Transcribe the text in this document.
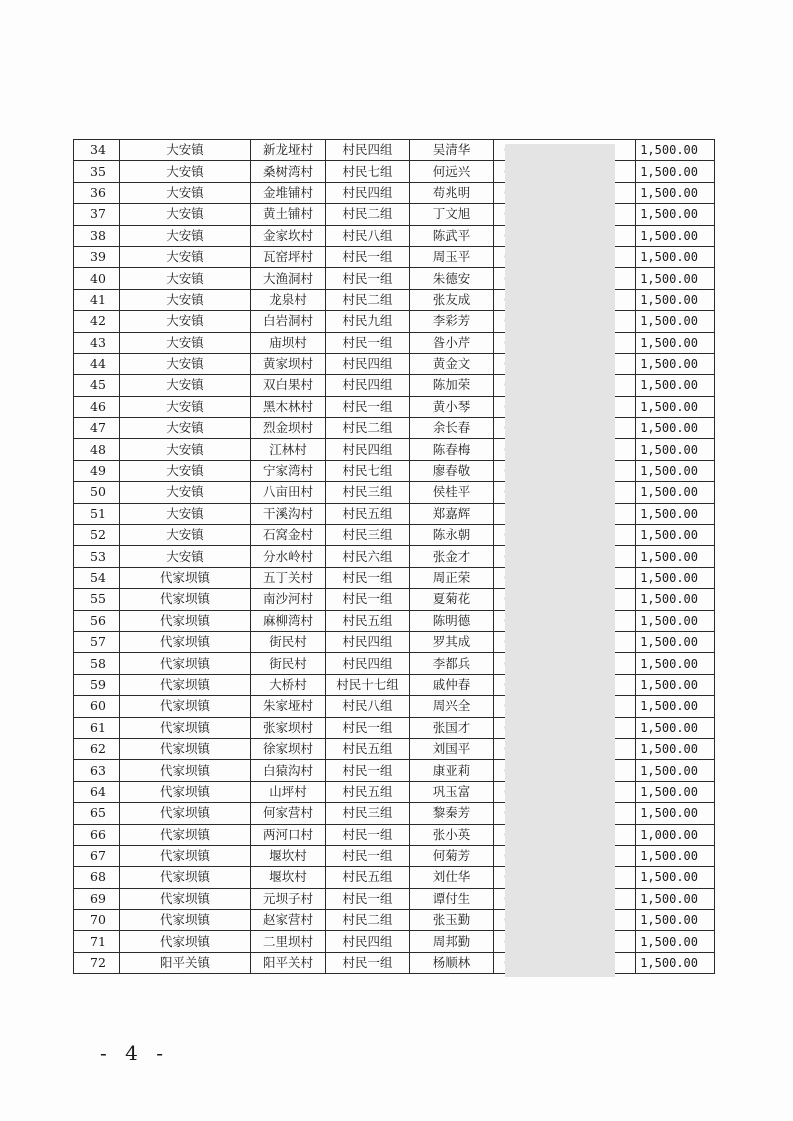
34	大安镇	新龙垭村	村民四组	吴清华		1,500.00
35	大安镇	桑树湾村	村民七组	何远兴		1,500.00
36	大安镇	金堆铺村	村民四组	苟兆明		1,500.00
37	大安镇	黄土铺村	村民二组	丁文旭		1,500.00
38	大安镇	金家坎村	村民八组	陈武平		1,500.00
39	大安镇	瓦窑坪村	村民一组	周玉平		1,500.00
40	大安镇	大渔洞村	村民一组	朱德安		1,500.00
41	大安镇	龙泉村	村民二组	张友成		1,500.00
42	大安镇	白岩洞村	村民九组	李彩芳		1,500.00
43	大安镇	庙坝村	村民一组	昝小芹		1,500.00
44	大安镇	黄家坝村	村民四组	黄金文		1,500.00
45	大安镇	双白果村	村民四组	陈加荣		1,500.00
46	大安镇	黑木林村	村民一组	黄小琴		1,500.00
47	大安镇	烈金坝村	村民二组	余长春		1,500.00
48	大安镇	江林村	村民四组	陈春梅		1,500.00
49	大安镇	宁家湾村	村民七组	廖春敬		1,500.00
50	大安镇	八亩田村	村民三组	侯桂平		1,500.00
51	大安镇	干溪沟村	村民五组	郑嘉辉		1,500.00
52	大安镇	石窝金村	村民三组	陈永朝		1,500.00
53	大安镇	分水岭村	村民六组	张金才		1,500.00
54	代家坝镇	五丁关村	村民一组	周正荣		1,500.00
55	代家坝镇	南沙河村	村民一组	夏菊花		1,500.00
56	代家坝镇	麻柳湾村	村民五组	陈明德		1,500.00
57	代家坝镇	街民村	村民四组	罗其成		1,500.00
58	代家坝镇	街民村	村民四组	李都兵		1,500.00
59	代家坝镇	大桥村	村民十七组	戚仲春		1,500.00
60	代家坝镇	朱家垭村	村民八组	周兴全		1,500.00
61	代家坝镇	张家坝村	村民一组	张国才		1,500.00
62	代家坝镇	徐家坝村	村民五组	刘国平		1,500.00
63	代家坝镇	白猿沟村	村民一组	康亚莉		1,500.00
64	代家坝镇	山坪村	村民五组	巩玉富		1,500.00
65	代家坝镇	何家营村	村民三组	黎秦芳		1,500.00
66	代家坝镇	两河口村	村民一组	张小英		1,000.00
67	代家坝镇	堰坎村	村民一组	何菊芳		1,500.00
68	代家坝镇	堰坎村	村民五组	刘仕华		1,500.00
69	代家坝镇	元坝子村	村民一组	谭付生		1,500.00
70	代家坝镇	赵家营村	村民二组	张玉勤		1,500.00
71	代家坝镇	二里坝村	村民四组	周邦勤		1,500.00
72	阳平关镇	阳平关村	村民一组	杨顺林		1,500.00
- 4 -
